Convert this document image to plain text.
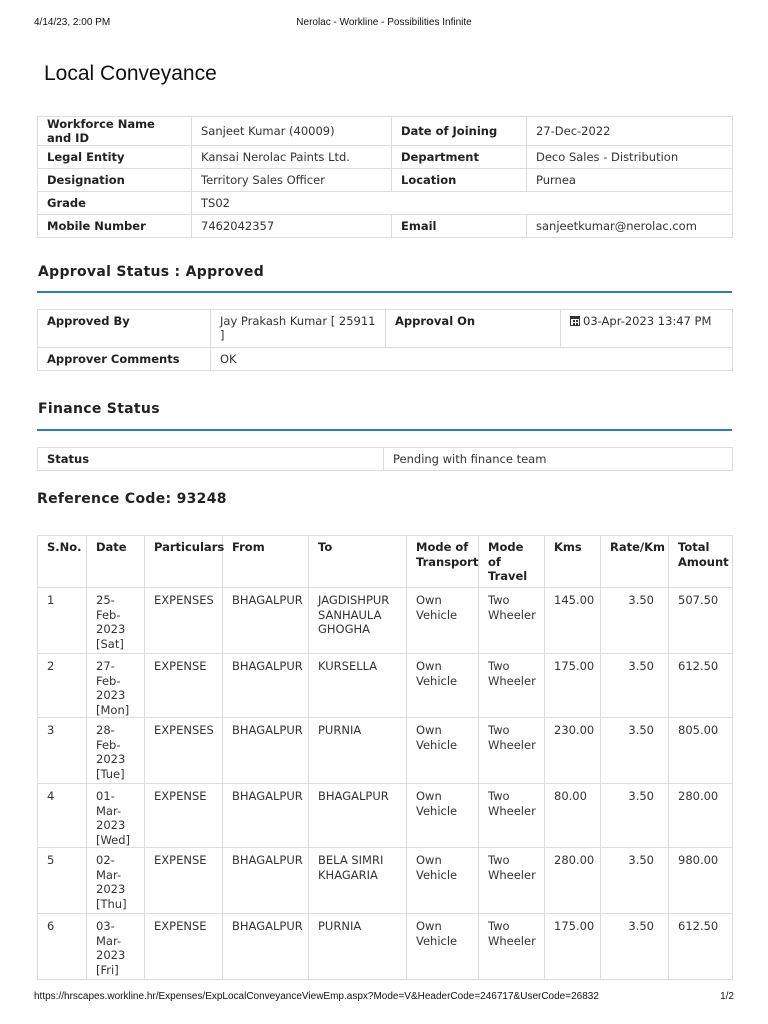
4/14/23, 2:00 PM	Nerolac - Workline - Possibilities Infinite
Local Conveyance
Workforce Name and ID	Sanjeet Kumar (40009)	Date of Joining	27-Dec-2022
Legal Entity	Kansai Nerolac Paints Ltd.	Department	Deco Sales - Distribution
Designation	Territory Sales Officer	Location	Purnea
Grade	TS02		
Mobile Number	7462042357	Email	sanjeetkumar@nerolac.com
Approval Status : Approved
Approved By	Jay Prakash Kumar [ 25911 ]	Approval On	03-Apr-2023 13:47 PM
Approver Comments	OK		
Finance Status
Status	Pending with finance team
Reference Code: 93248
S.No.	Date	Particulars	From	To	Mode of Transport	Mode of Travel	Kms	Rate/Km	Total Amount
1	25-Feb-2023 [Sat]	EXPENSES	BHAGALPUR	JAGDISHPUR SANHAULA GHOGHA	Own Vehicle	Two Wheeler	145.00	3.50	507.50
2	27-Feb-2023 [Mon]	EXPENSE	BHAGALPUR	KURSELLA	Own Vehicle	Two Wheeler	175.00	3.50	612.50
3	28-Feb-2023 [Tue]	EXPENSES	BHAGALPUR	PURNIA	Own Vehicle	Two Wheeler	230.00	3.50	805.00
4	01-Mar-2023 [Wed]	EXPENSE	BHAGALPUR	BHAGALPUR	Own Vehicle	Two Wheeler	80.00	3.50	280.00
5	02-Mar-2023 [Thu]	EXPENSE	BHAGALPUR	BELA SIMRI KHAGARIA	Own Vehicle	Two Wheeler	280.00	3.50	980.00
6	03-Mar-2023 [Fri]	EXPENSE	BHAGALPUR	PURNIA	Own Vehicle	Two Wheeler	175.00	3.50	612.50
https://hrscapes.workline.hr/Expenses/ExpLocalConveyanceViewEmp.aspx?Mode=V&HeaderCode=246717&UserCode=26832	1/2
